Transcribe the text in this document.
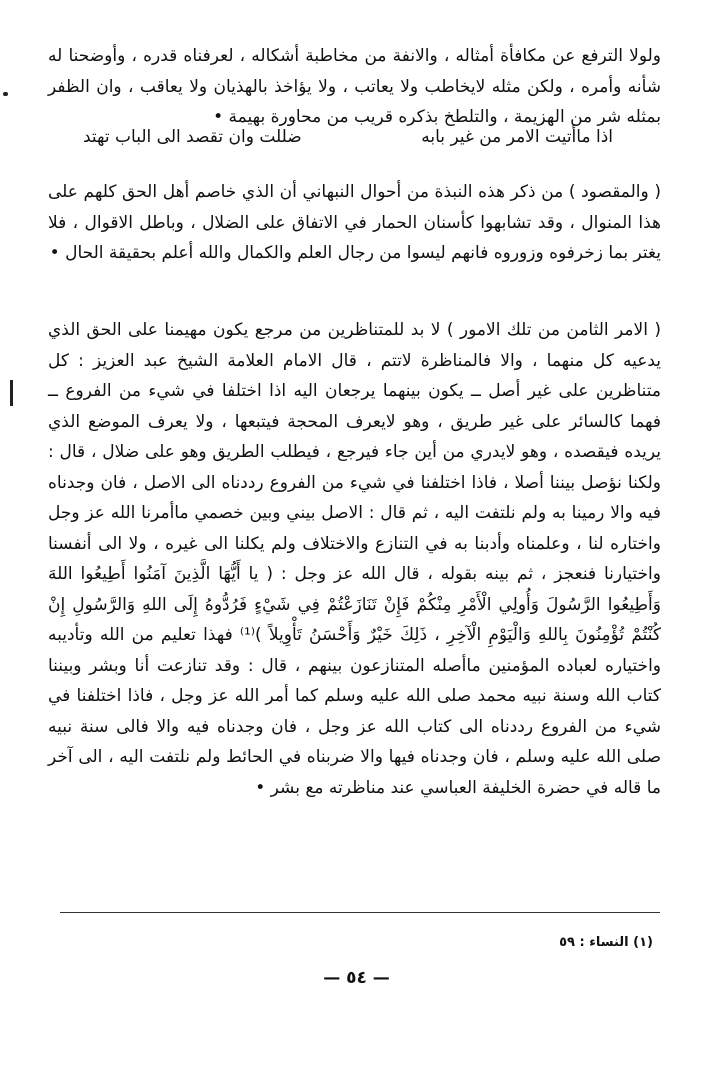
ولولا الترفع عن مكافأة أمثاله ، والانفة من مخاطبة أشكاله ، لعرفناه قدره ، وأوضحنا له شأنه وأمره ، ولكن مثله لايخاطب ولا يعاتب ، ولا يؤاخذ بالهذيان ولا يعاقب ، وان الظفر بمثله شر من الهزيمة ، والتلطخ بذكره قريب من محاورة بهيمة •

اذا ماأتيت الامر من غير بابه
ضللت وان تقصد الى الباب تهتد

( والمقصود ) من ذكر هذه النبذة من أحوال النبهاني أن الذي خاصم أهل الحق كلهم على هذا المنوال ، وقد تشابهوا كأسنان الحمار في الاتفاق على الضلال ، وباطل الاقوال ، فلا يغتر بما زخرفوه وزوروه فانهم ليسوا من رجال العلم والكمال والله أعلم بحقيقة الحال •

( الامر الثامن من تلك الامور ) لا بد للمتناظرين من مرجع يكون مهيمنا على الحق الذي يدعيه كل منهما ، والا فالمناظرة لاتتم ، قال الامام العلامة الشيخ عبد العزيز : كل متناظرين على غير أصل ــ يكون بينهما يرجعان اليه اذا اختلفا في شيء من الفروع ــ فهما كالسائر على غير طريق ، وهو لايعرف المحجة فيتبعها ، ولا يعرف الموضع الذي يريده فيقصده ، وهو لايدري من أين جاء فيرجع ، فيطلب الطريق وهو على ضلال ، قال : ولكنا نؤصل بيننا أصلا ، فاذا اختلفنا في شيء من الفروع رددناه الى الاصل ، فان وجدناه فيه والا رمينا به ولم نلتفت اليه ، ثم قال : الاصل بيني وبين خصمي ماأمرنا الله عز وجل واختاره لنا ، وعلمناه وأدبنا به في التنازع والاختلاف ولم يكلنا الى غيره ، ولا الى أنفسنا واختيارنا فنعجز ، ثم بينه بقوله ، قال الله عز وجل : ( يا أَيُّهَا الَّذِينَ آمَنُوا أَطِيعُوا اللهَ وَأَطِيعُوا الرَّسُولَ وَأُولِي الْأَمْرِ مِنْكُمْ فَإِنْ تَنَازَعْتُمْ فِي شَيْءٍ فَرُدُّوهُ إِلَى اللهِ وَالرَّسُولِ إِنْ كُنْتُمْ تُؤْمِنُونَ بِاللهِ وَالْيَوْمِ الْآخِرِ ، ذَلِكَ خَيْرٌ وَأَحْسَنُ تَأْوِيلاً )⁽¹⁾ فهذا تعليم من الله وتأديبه واختياره لعباده المؤمنين ماأصله المتنازعون بينهم ، قال : وقد تنازعت أنا وبشر وبيننا كتاب الله وسنة نبيه محمد صلى الله عليه وسلم كما أمر الله عز وجل ، فاذا اختلفنا في شيء من الفروع رددناه الى كتاب الله عز وجل ، فان وجدناه فيه والا فالى سنة نبيه صلى الله عليه وسلم ، فان وجدناه فيها والا ضربناه في الحائط ولم نلتفت اليه ، الى آخر ما قاله في حضرة الخليفة العباسي عند مناظرته مع بشر •

(١) النساء : ٥٩
— ٥٤ —
